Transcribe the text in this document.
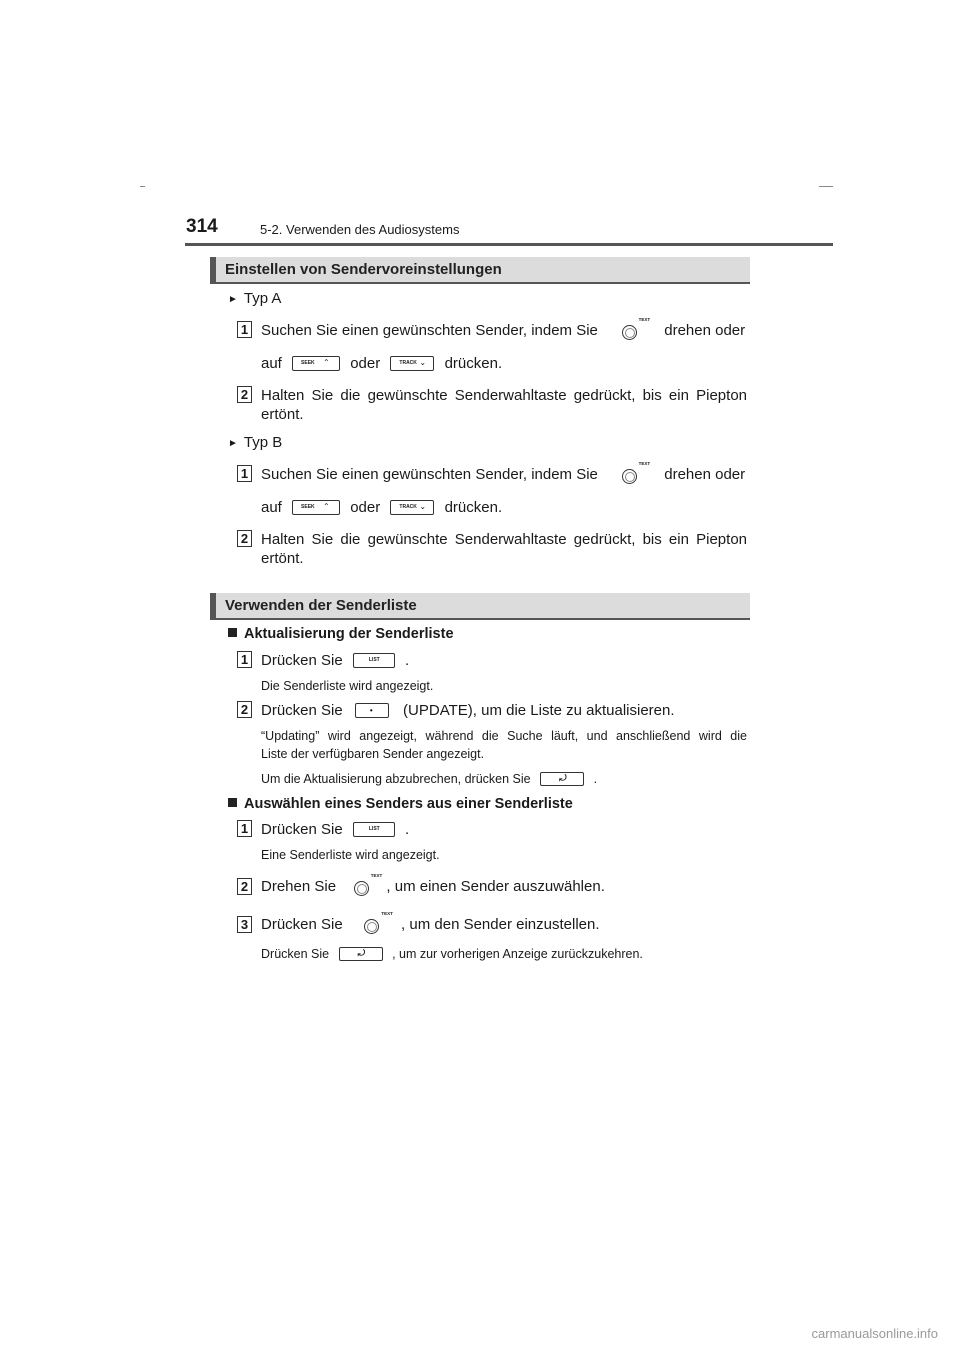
314	5-2. Verwenden des Audiosystems
Einstellen von Sendervoreinstellungen
► Typ A
1 Suchen Sie einen gewünschten Sender, indem Sie
TEXT
drehen oder
auf	SEEK ⌃ oder	TRACK ⌄ drücken.
2 Halten Sie die gewünschte Senderwahltaste gedrückt, bis ein Piepton
ertönt.
► Typ B
1 Suchen Sie einen gewünschten Sender, indem Sie
TEXT
drehen oder
auf	SEEK ⌃ oder	TRACK ⌄ drücken.
2 Halten Sie die gewünschte Senderwahltaste gedrückt, bis ein Piepton
ertönt.
Verwenden der Senderliste
Aktualisierung der Senderliste
1 Drücken Sie	LIST .
Die Senderliste wird angezeigt.
2 Drücken Sie	• (UPDATE), um die Liste zu aktualisieren.
“Updating” wird angezeigt, während die Suche läuft, und anschließend wird die
Liste der verfügbaren Sender angezeigt.
Um die Aktualisierung abzubrechen, drücken Sie	⤾ .
Auswählen eines Senders aus einer Senderliste
1 Drücken Sie	LIST .
Eine Senderliste wird angezeigt.
2 Drehen Sie
TEXT
, um einen Sender auszuwählen.
3 Drücken Sie
TEXT
, um den Sender einzustellen.
Drücken Sie	⤾ , um zur vorherigen Anzeige zurückzukehren.
carmanualsonline.info
